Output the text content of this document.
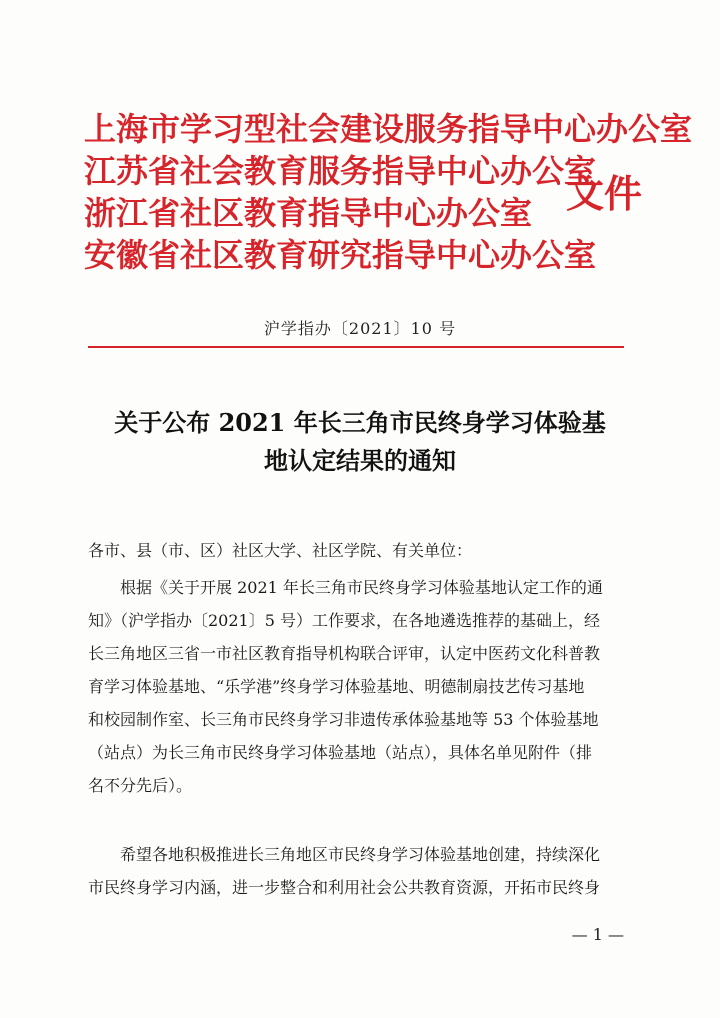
上海市学习型社会建设服务指导中心办公室
江苏省社会教育服务指导中心办公室
浙江省社区教育指导中心办公室
安徽省社区教育研究指导中心办公室
文件
沪学指办〔2021〕10 号
关于公布 2021 年长三角市民终身学习体验基
地认定结果的通知
各市、县（市、区）社区大学、社区学院、有关单位：
　　根据《关于开展 2021 年长三角市民终身学习体验基地认定工作的通
知》（沪学指办〔2021〕5 号）工作要求，在各地遴选推荐的基础上，经
长三角地区三省一市社区教育指导机构联合评审，认定中医药文化科普教
育学习体验基地、“乐学港”终身学习体验基地、明德制扇技艺传习基地
和校园制作室、长三角市民终身学习非遗传承体验基地等 53 个体验基地
（站点）为长三角市民终身学习体验基地（站点），具体名单见附件（排
名不分先后）。
　　希望各地积极推进长三角地区市民终身学习体验基地创建，持续深化
市民终身学习内涵，进一步整合和利用社会公共教育资源，开拓市民终身
— 1 —
